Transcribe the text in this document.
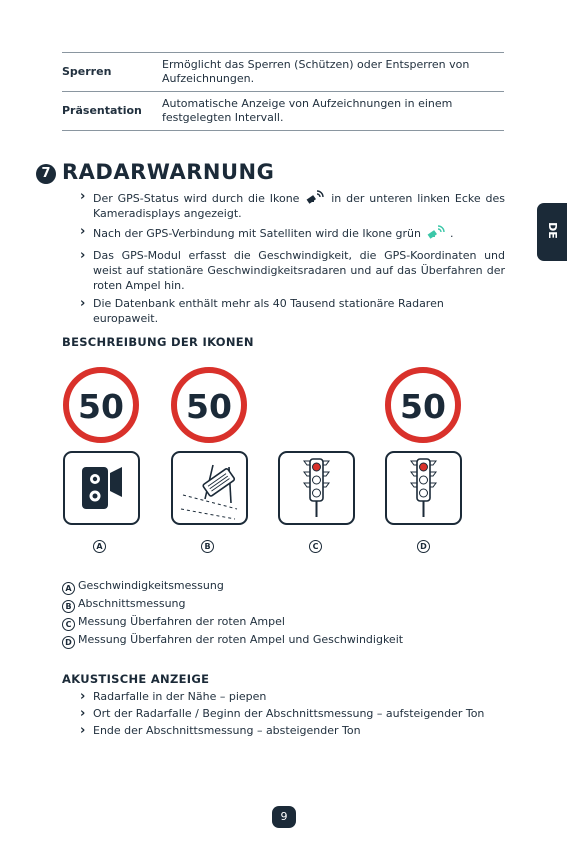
Sperren	Ermöglicht das Sperren (Schützen) oder Entsperren von Aufzeichnungen.
Präsentation	Automatische Anzeige von Aufzeichnungen in einem festgelegten Intervall.
7 RADARWARNUNG
› Der GPS-Status wird durch die Ikone	in der unteren linken Ecke des Kameradisplays angezeigt.
› Nach der GPS-Verbindung mit Satelliten wird die Ikone grün	.
› Das GPS-Modul erfasst die Geschwindigkeit, die GPS-Koordinaten und weist auf stationäre Geschwindigkeitsradaren und auf das Überfahren der roten Ampel hin.
› Die Datenbank enthält mehr als 40 Tausend stationäre Radaren europaweit.
BESCHREIBUNG DER IKONEN
50 50	50
A	B	C	D
A Geschwindigkeitsmessung
B Abschnittsmessung
C Messung Überfahren der roten Ampel
D Messung Überfahren der roten Ampel und Geschwindigkeit
AKUSTISCHE ANZEIGE
› Radarfalle in der Nähe – piepen
› Ort der Radarfalle / Beginn der Abschnittsmessung – aufsteigender Ton
› Ende der Abschnittsmessung – absteigender Ton
DE
9
